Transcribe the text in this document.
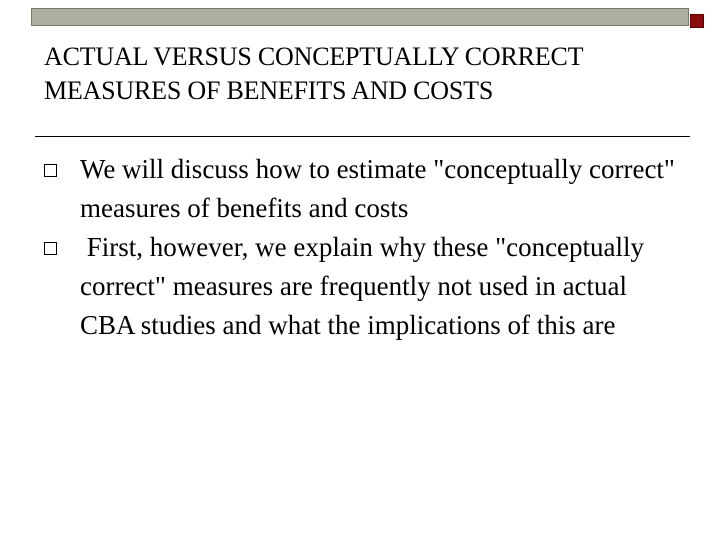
ACTUAL VERSUS CONCEPTUALLY CORRECT
MEASURES OF BENEFITS AND COSTS
We will discuss how to estimate "conceptually correct" measures of benefits and costs
First, however, we explain why these "conceptually correct" measures are frequently not used in actual CBA studies and what the implications of this are
